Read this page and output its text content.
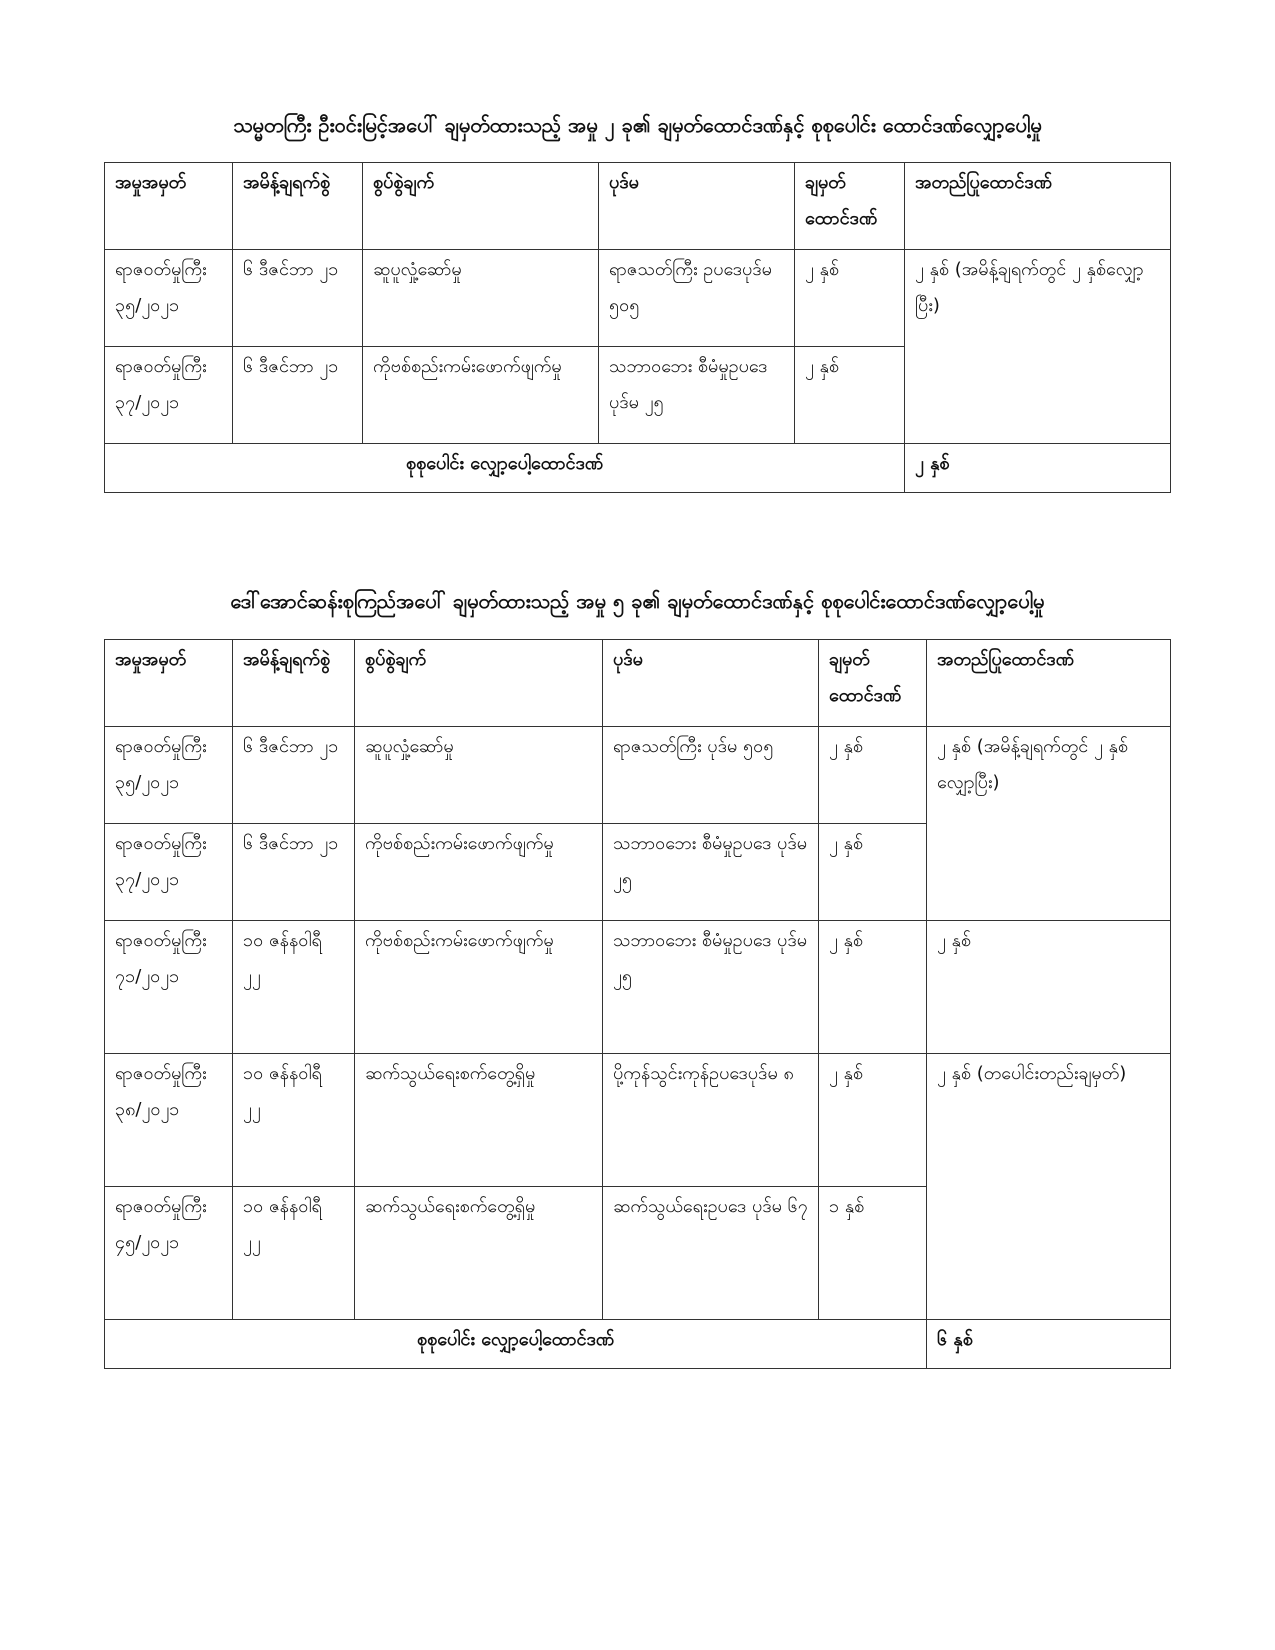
သမ္မတကြီး ဦးဝင်းမြင့်အပေါ် ချမှတ်ထားသည့် အမှု ၂ ခု၏ ချမှတ်ထောင်ဒဏ်နှင့် စုစုပေါင်း ထောင်ဒဏ်လျှော့ပေါ့မှု
အမှုအမှတ်	အမိန့်ချရက်စွဲ	စွပ်စွဲချက်	ပုဒ်မ	ချမှတ် ထောင်ဒဏ်	အတည်ပြုထောင်ဒဏ်
ရာဇဝတ်မှုကြီး ၃၅/၂၀၂၁	၆ ဒီဇင်ဘာ ၂၁	ဆူပူလှုံ့ဆော်မှု	ရာဇသတ်ကြီး ဥပဒေပုဒ်မ ၅၀၅	၂ နှစ်	၂ နှစ် (အမိန့်ချရက်တွင် ၂ နှစ်လျှော့ပြီး)
ရာဇဝတ်မှုကြီး ၃၇/၂၀၂၁	၆ ဒီဇင်ဘာ ၂၁	ကိုဗစ်စည်းကမ်းဖောက်ဖျက်မှု	သဘာဝဘေး စီမံမှုဥပဒေ ပုဒ်မ ၂၅	၂ နှစ်	
စုစုပေါင်း လျှော့ပေါ့ထောင်ဒဏ်					၂ နှစ်
ဒေါ်အောင်ဆန်းစုကြည်အပေါ် ချမှတ်ထားသည့် အမှု ၅ ခု၏ ချမှတ်ထောင်ဒဏ်နှင့် စုစုပေါင်းထောင်ဒဏ်လျှော့ပေါ့မှု
အမှုအမှတ်	အမိန့်ချရက်စွဲ	စွပ်စွဲချက်	ပုဒ်မ	ချမှတ် ထောင်ဒဏ်	အတည်ပြုထောင်ဒဏ်
ရာဇဝတ်မှုကြီး ၃၅/၂၀၂၁	၆ ဒီဇင်ဘာ ၂၁	ဆူပူလှုံ့ဆော်မှု	ရာဇသတ်ကြီး ပုဒ်မ ၅၀၅	၂ နှစ်	၂ နှစ် (အမိန့်ချရက်တွင် ၂ နှစ်လျှော့ပြီး)
ရာဇဝတ်မှုကြီး ၃၇/၂၀၂၁	၆ ဒီဇင်ဘာ ၂၁	ကိုဗစ်စည်းကမ်းဖောက်ဖျက်မှု	သဘာဝဘေး စီမံမှုဥပဒေ ပုဒ်မ ၂၅	၂ နှစ်	
ရာဇဝတ်မှုကြီး ၇၁/၂၀၂၁	၁၀ ဇန်နဝါရီ ၂၂	ကိုဗစ်စည်းကမ်းဖောက်ဖျက်မှု	သဘာဝဘေး စီမံမှုဥပဒေ ပုဒ်မ ၂၅	၂ နှစ်	၂ နှစ်
ရာဇဝတ်မှုကြီး ၃၈/၂၀၂၁	၁၀ ဇန်နဝါရီ ၂၂	ဆက်သွယ်ရေးစက်တွေ့ရှိမှု	ပို့ကုန်သွင်းကုန်ဥပဒေပုဒ်မ ၈	၂ နှစ်	၂ နှစ် (တပေါင်းတည်းချမှတ်)
ရာဇဝတ်မှုကြီး ၄၅/၂၀၂၁	၁၀ ဇန်နဝါရီ ၂၂	ဆက်သွယ်ရေးစက်တွေ့ရှိမှု	ဆက်သွယ်ရေးဥပဒေ ပုဒ်မ ၆၇	၁ နှစ်	
စုစုပေါင်း လျှော့ပေါ့ထောင်ဒဏ်					၆ နှစ်
